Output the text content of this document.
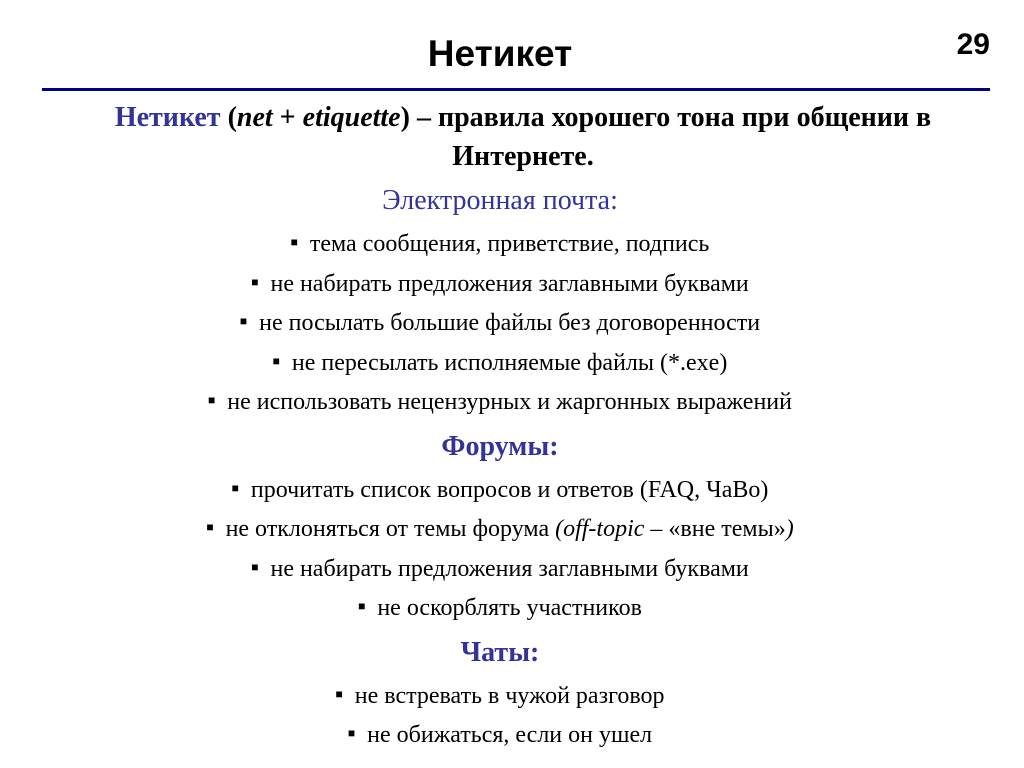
Нетикет	29
Нетикет (net + etiquette) – правила хорошего тона при общении в Интернете.
Электронная почта:
■ тема сообщения, приветствие, подпись
■ не набирать предложения заглавными буквами
■ не посылать большие файлы без договоренности
■ не пересылать исполняемые файлы (*.exe)
■ не использовать нецензурных и жаргонных выражений
Форумы:
■ прочитать список вопросов и ответов (FAQ, ЧаВо)
■ не отклоняться от темы форума (off-topic – «вне темы»)
■ не набирать предложения заглавными буквами
■ не оскорблять участников
Чаты:
■ не встревать в чужой разговор
■ не обижаться, если он ушел
